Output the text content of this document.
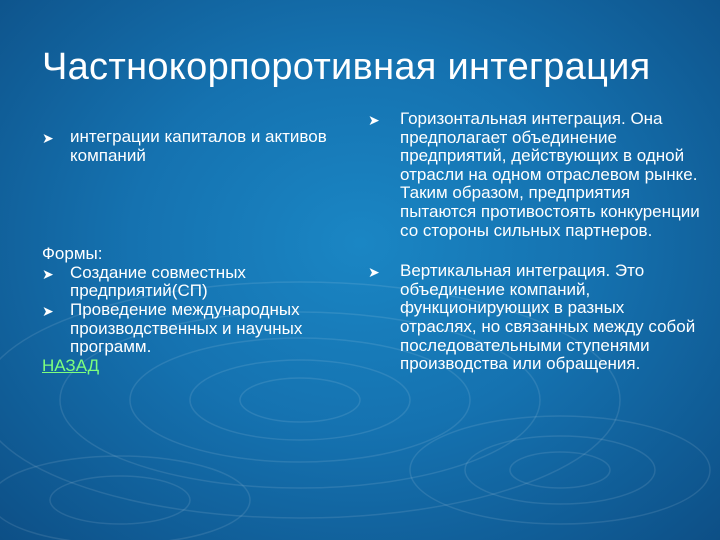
Частнокорпоротивная интеграция
➤ интеграции капиталов и активов компаний
Формы:
➤ Создание совместных предприятий(СП)
➤ Проведение международных производственных и научных программ.
НАЗАД
➤ Горизонтальная интеграция. Она предполагает объединение предприятий, действующих в одной отрасли на одном отраслевом рынке. Таким образом, предприятия пытаются противостоять конкуренции со стороны сильных партнеров.
➤ Вертикальная интеграция. Это объединение компаний, функционирующих в разных отраслях, но связанных между собой последовательными ступенями производства или обращения.
